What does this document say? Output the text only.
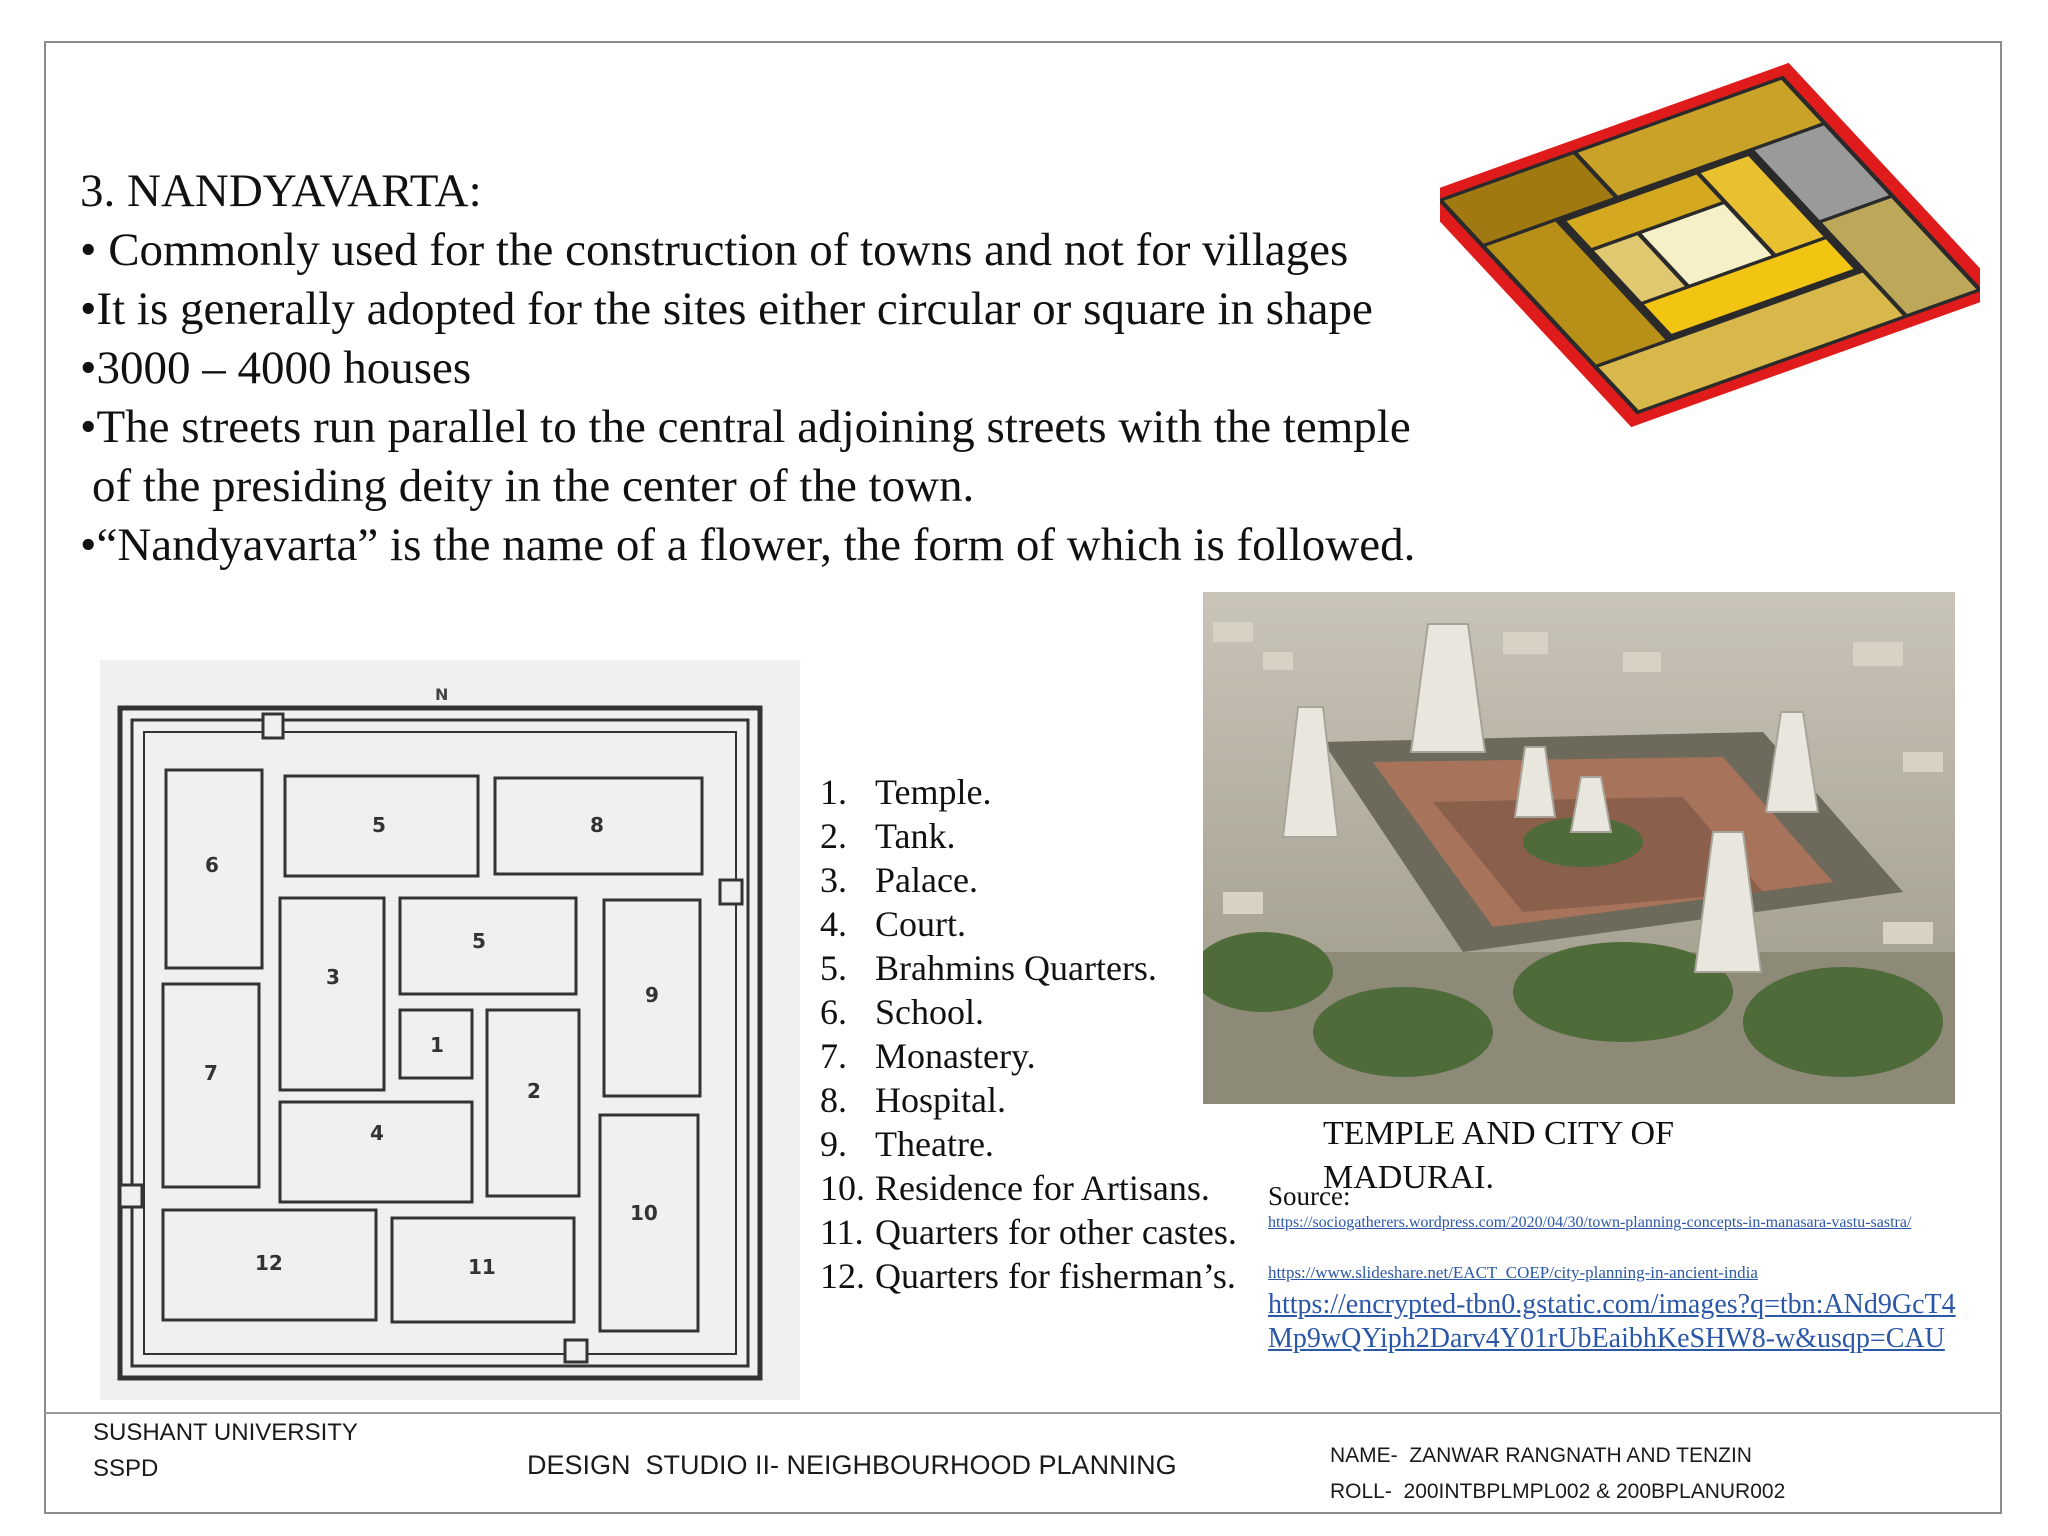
3. NANDYAVARTA:

• Commonly used for the construction of towns and not for villages

•It is generally adopted for the sites either circular or square in shape

•3000 – 4000 houses

•The streets run parallel to the central adjoining streets with the temple

of the presiding deity in the center of the town.

•“Nandyavarta” is the name of a flower, the form of which is followed.

N
5	8
6
3
5
9
1
7
2
4
10
12	11
1. Temple.
2. Tank.
3. Palace.
4. Court.
5. Brahmins Quarters.
6. School.
7. Monastery.
8. Hospital.
9. Theatre.
10. Residence for Artisans.
11. Quarters for other castes.
12. Quarters for fisherman’s.
TEMPLE AND CITY OF
MADURAI.
Source:
https://sociogatherers.wordpress.com/2020/04/30/town-planning-concepts-in-manasara-vastu-sastra/
https://www.slideshare.net/EACT_COEP/city-planning-in-ancient-india
https://encrypted-tbn0.gstatic.com/images?q=tbn:ANd9GcT4Mp9wQYiph2Darv4Y01rUbEaibhKeSHW8-w&usqp=CAU
SUSHANT UNIVERSITY
SSPD	DESIGN  STUDIO II- NEIGHBOURHOOD PLANNING	NAME-  ZANWAR RANGNATH AND TENZIN
ROLL-  200INTBPLMPL002 & 200BPLANUR002
